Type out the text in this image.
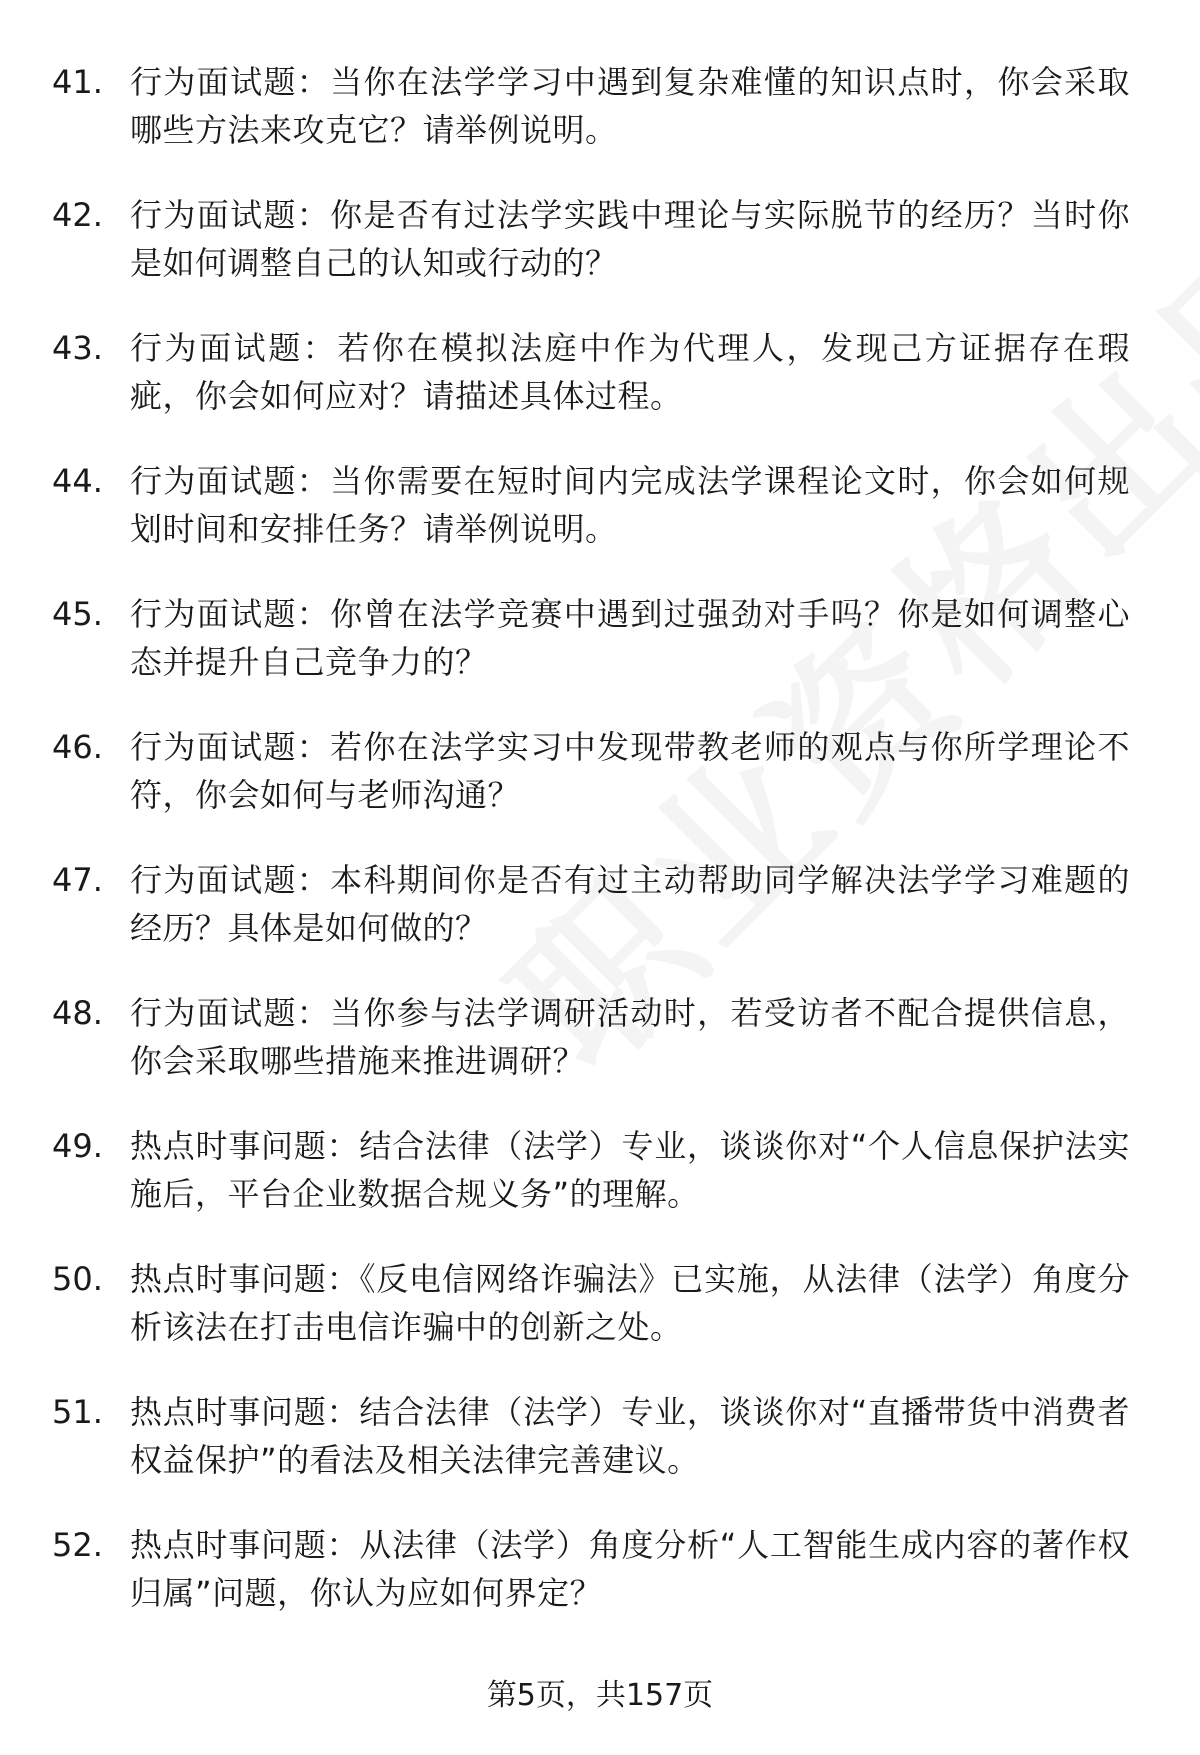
41. 行为面试题：当你在法学学习中遇到复杂难懂的知识点时，你会采取哪些方法来攻克它？请举例说明。
42. 行为面试题：你是否有过法学实践中理论与实际脱节的经历？当时你是如何调整自己的认知或行动的？
43. 行为面试题：若你在模拟法庭中作为代理人，发现己方证据存在瑕疵，你会如何应对？请描述具体过程。
44. 行为面试题：当你需要在短时间内完成法学课程论文时，你会如何规划时间和安排任务？请举例说明。
45. 行为面试题：你曾在法学竞赛中遇到过强劲对手吗？你是如何调整心态并提升自己竞争力的？
46. 行为面试题：若你在法学实习中发现带教老师的观点与你所学理论不符，你会如何与老师沟通？
47. 行为面试题：本科期间你是否有过主动帮助同学解决法学学习难题的经历？具体是如何做的？
48. 行为面试题：当你参与法学调研活动时，若受访者不配合提供信息，你会采取哪些措施来推进调研？
49. 热点时事问题：结合法律（法学）专业，谈谈你对“个人信息保护法实施后，平台企业数据合规义务”的理解。
50. 热点时事问题：《反电信网络诈骗法》已实施，从法律（法学）角度分析该法在打击电信诈骗中的创新之处。
51. 热点时事问题：结合法律（法学）专业，谈谈你对“直播带货中消费者权益保护”的看法及相关法律完善建议。
52. 热点时事问题：从法律（法学）角度分析“人工智能生成内容的著作权归属”问题，你认为应如何界定？
第5页，共157页
